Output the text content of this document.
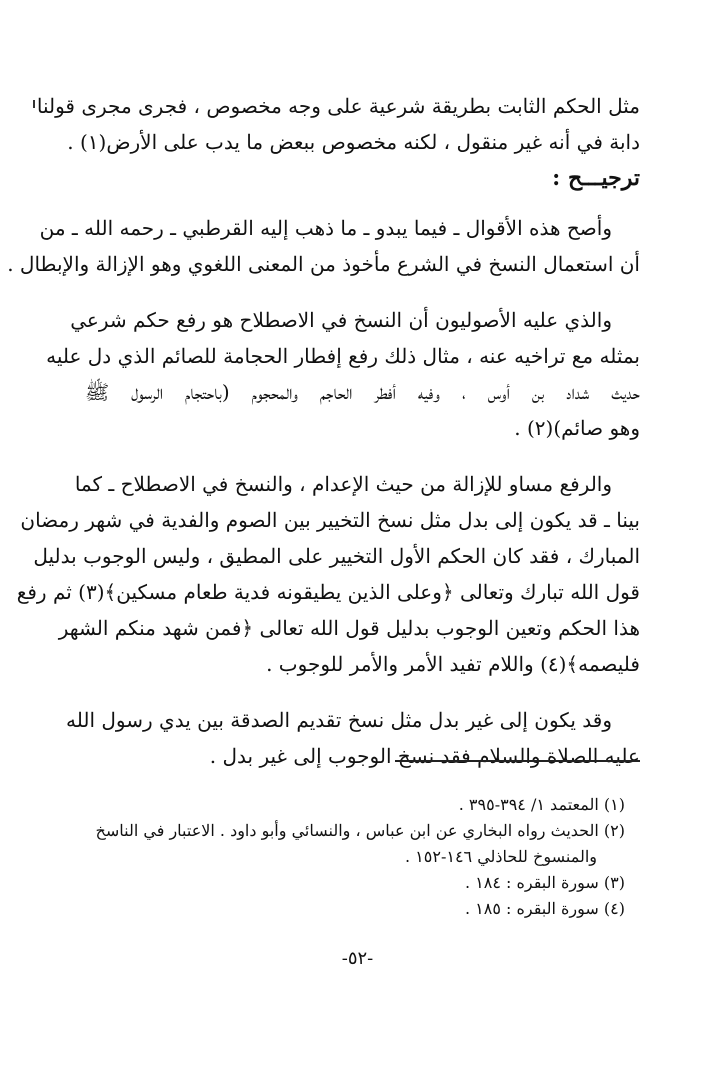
مثل الحكم الثابت بطريقة شرعية على وجه مخصوص ، فجرى مجرى قولنا
دابة في أنه غير منقول ، لكنه مخصوص ببعض ما يدب على الأرض(١) .
ترجيـــح :
وأصح هذه الأقوال ـ فيما يبدو ـ ما ذهب إليه القرطبي ـ رحمه الله ـ من
أن استعمال النسخ في الشرع مأخوذ من المعنى اللغوي وهو الإزالة والإبطال .
والذي عليه الأصوليون أن النسخ في الاصطلاح هو رفع حكم شرعي
بمثله مع تراخيه عنه ، مثال ذلك رفع إفطار الحجامة للصائم الذي دل عليه
حديث شداد بن أوس ، وفيه أفطر الحاجم والمحجوم (باحتجام الرسول ﷺ
وهو صائم)(٢) .
والرفع مساو للإزالة من حيث الإعدام ، والنسخ في الاصطلاح ـ كما
بينا ـ قد يكون إلى بدل مثل نسخ التخيير بين الصوم والفدية في شهر رمضان
المبارك ، فقد كان الحكم الأول التخيير على المطيق ، وليس الوجوب بدليل
قول الله تبارك وتعالى ﴿وعلى الذين يطيقونه فدية طعام مسكين﴾(٣) ثم رفع
هذا الحكم وتعين الوجوب بدليل قول الله تعالى ﴿فمن شهد منكم الشهر
فليصمه﴾(٤) واللام تفيد الأمر والأمر للوجوب .
وقد يكون إلى غير بدل مثل نسخ تقديم الصدقة بين يدي رسول الله
عليه الصلاة والسلام فقد نسخ الوجوب إلى غير بدل .
(١) المعتمد ١/ ٣٩٤-٣٩٥ .
(٢) الحديث رواه البخاري عن ابن عباس ، والنسائي وأبو داود . الاعتبار في الناسخ
والمنسوخ للحاذلي ١٤٦-١٥٢ .
(٣) سورة البقره : ١٨٤ .
(٤) سورة البقره : ١٨٥ .
-٥٢-
